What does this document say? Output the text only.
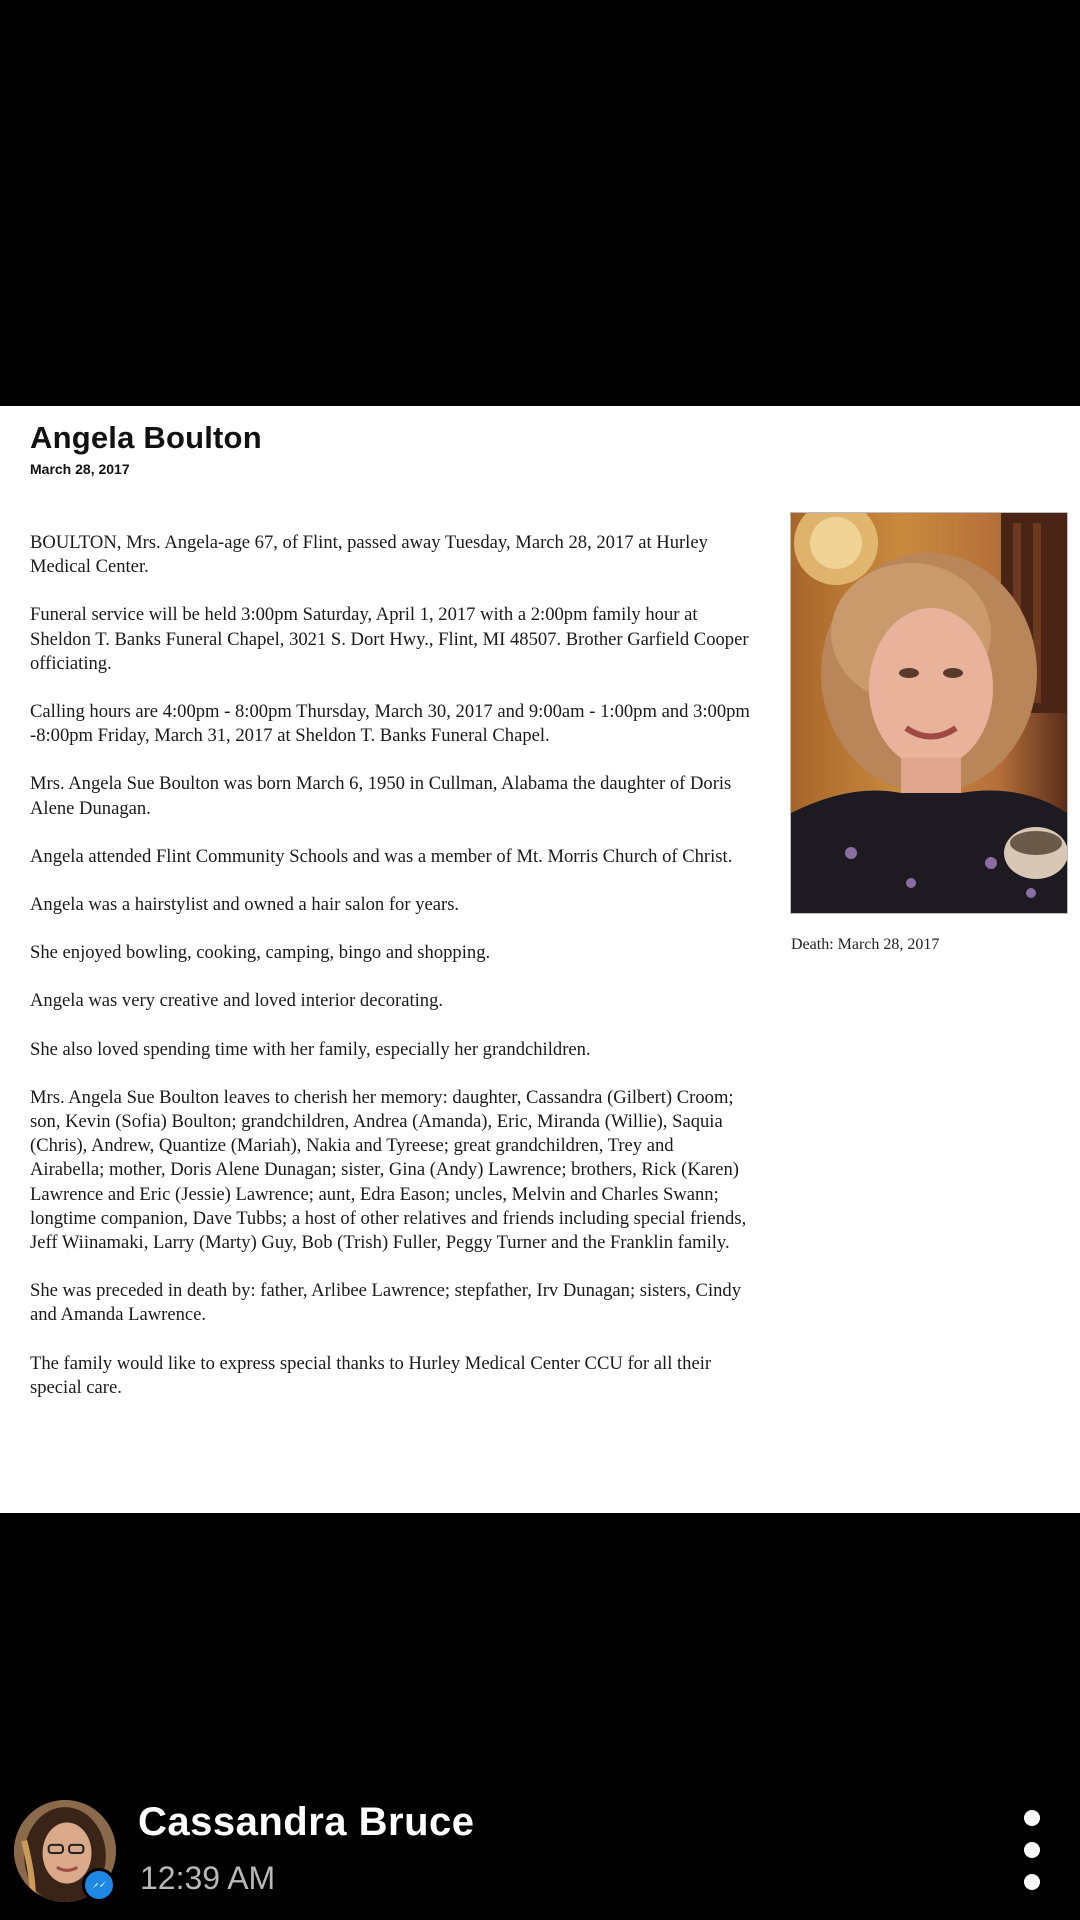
Angela Boulton
March 28, 2017

BOULTON, Mrs. Angela-age 67, of Flint, passed away Tuesday, March 28, 2017 at Hurley Medical Center.

Funeral service will be held 3:00pm Saturday, April 1, 2017 with a 2:00pm family hour at Sheldon T. Banks Funeral Chapel, 3021 S. Dort Hwy., Flint, MI 48507. Brother Garfield Cooper officiating.

Calling hours are 4:00pm - 8:00pm Thursday, March 30, 2017 and 9:00am - 1:00pm and 3:00pm -8:00pm Friday, March 31, 2017 at Sheldon T. Banks Funeral Chapel.

Mrs. Angela Sue Boulton was born March 6, 1950 in Cullman, Alabama the daughter of Doris Alene Dunagan.

Angela attended Flint Community Schools and was a member of Mt. Morris Church of Christ.

Angela was a hairstylist and owned a hair salon for years.

She enjoyed bowling, cooking, camping, bingo and shopping.

Angela was very creative and loved interior decorating.

She also loved spending time with her family, especially her grandchildren.

Mrs. Angela Sue Boulton leaves to cherish her memory: daughter, Cassandra (Gilbert) Croom; son, Kevin (Sofia) Boulton; grandchildren, Andrea (Amanda), Eric, Miranda (Willie), Saquia (Chris), Andrew, Quantize (Mariah), Nakia and Tyreese; great grandchildren, Trey and Airabella; mother, Doris Alene Dunagan; sister, Gina (Andy) Lawrence; brothers, Rick (Karen) Lawrence and Eric (Jessie) Lawrence; aunt, Edra Eason; uncles, Melvin and Charles Swann; longtime companion, Dave Tubbs; a host of other relatives and friends including special friends, Jeff Wiinamaki, Larry (Marty) Guy, Bob (Trish) Fuller, Peggy Turner and the Franklin family.

She was preceded in death by: father, Arlibee Lawrence; stepfather, Irv Dunagan; sisters, Cindy and Amanda Lawrence.

The family would like to express special thanks to Hurley Medical Center CCU for all their special care.

Death: March 28, 2017
Cassandra Bruce
12:39 AM
